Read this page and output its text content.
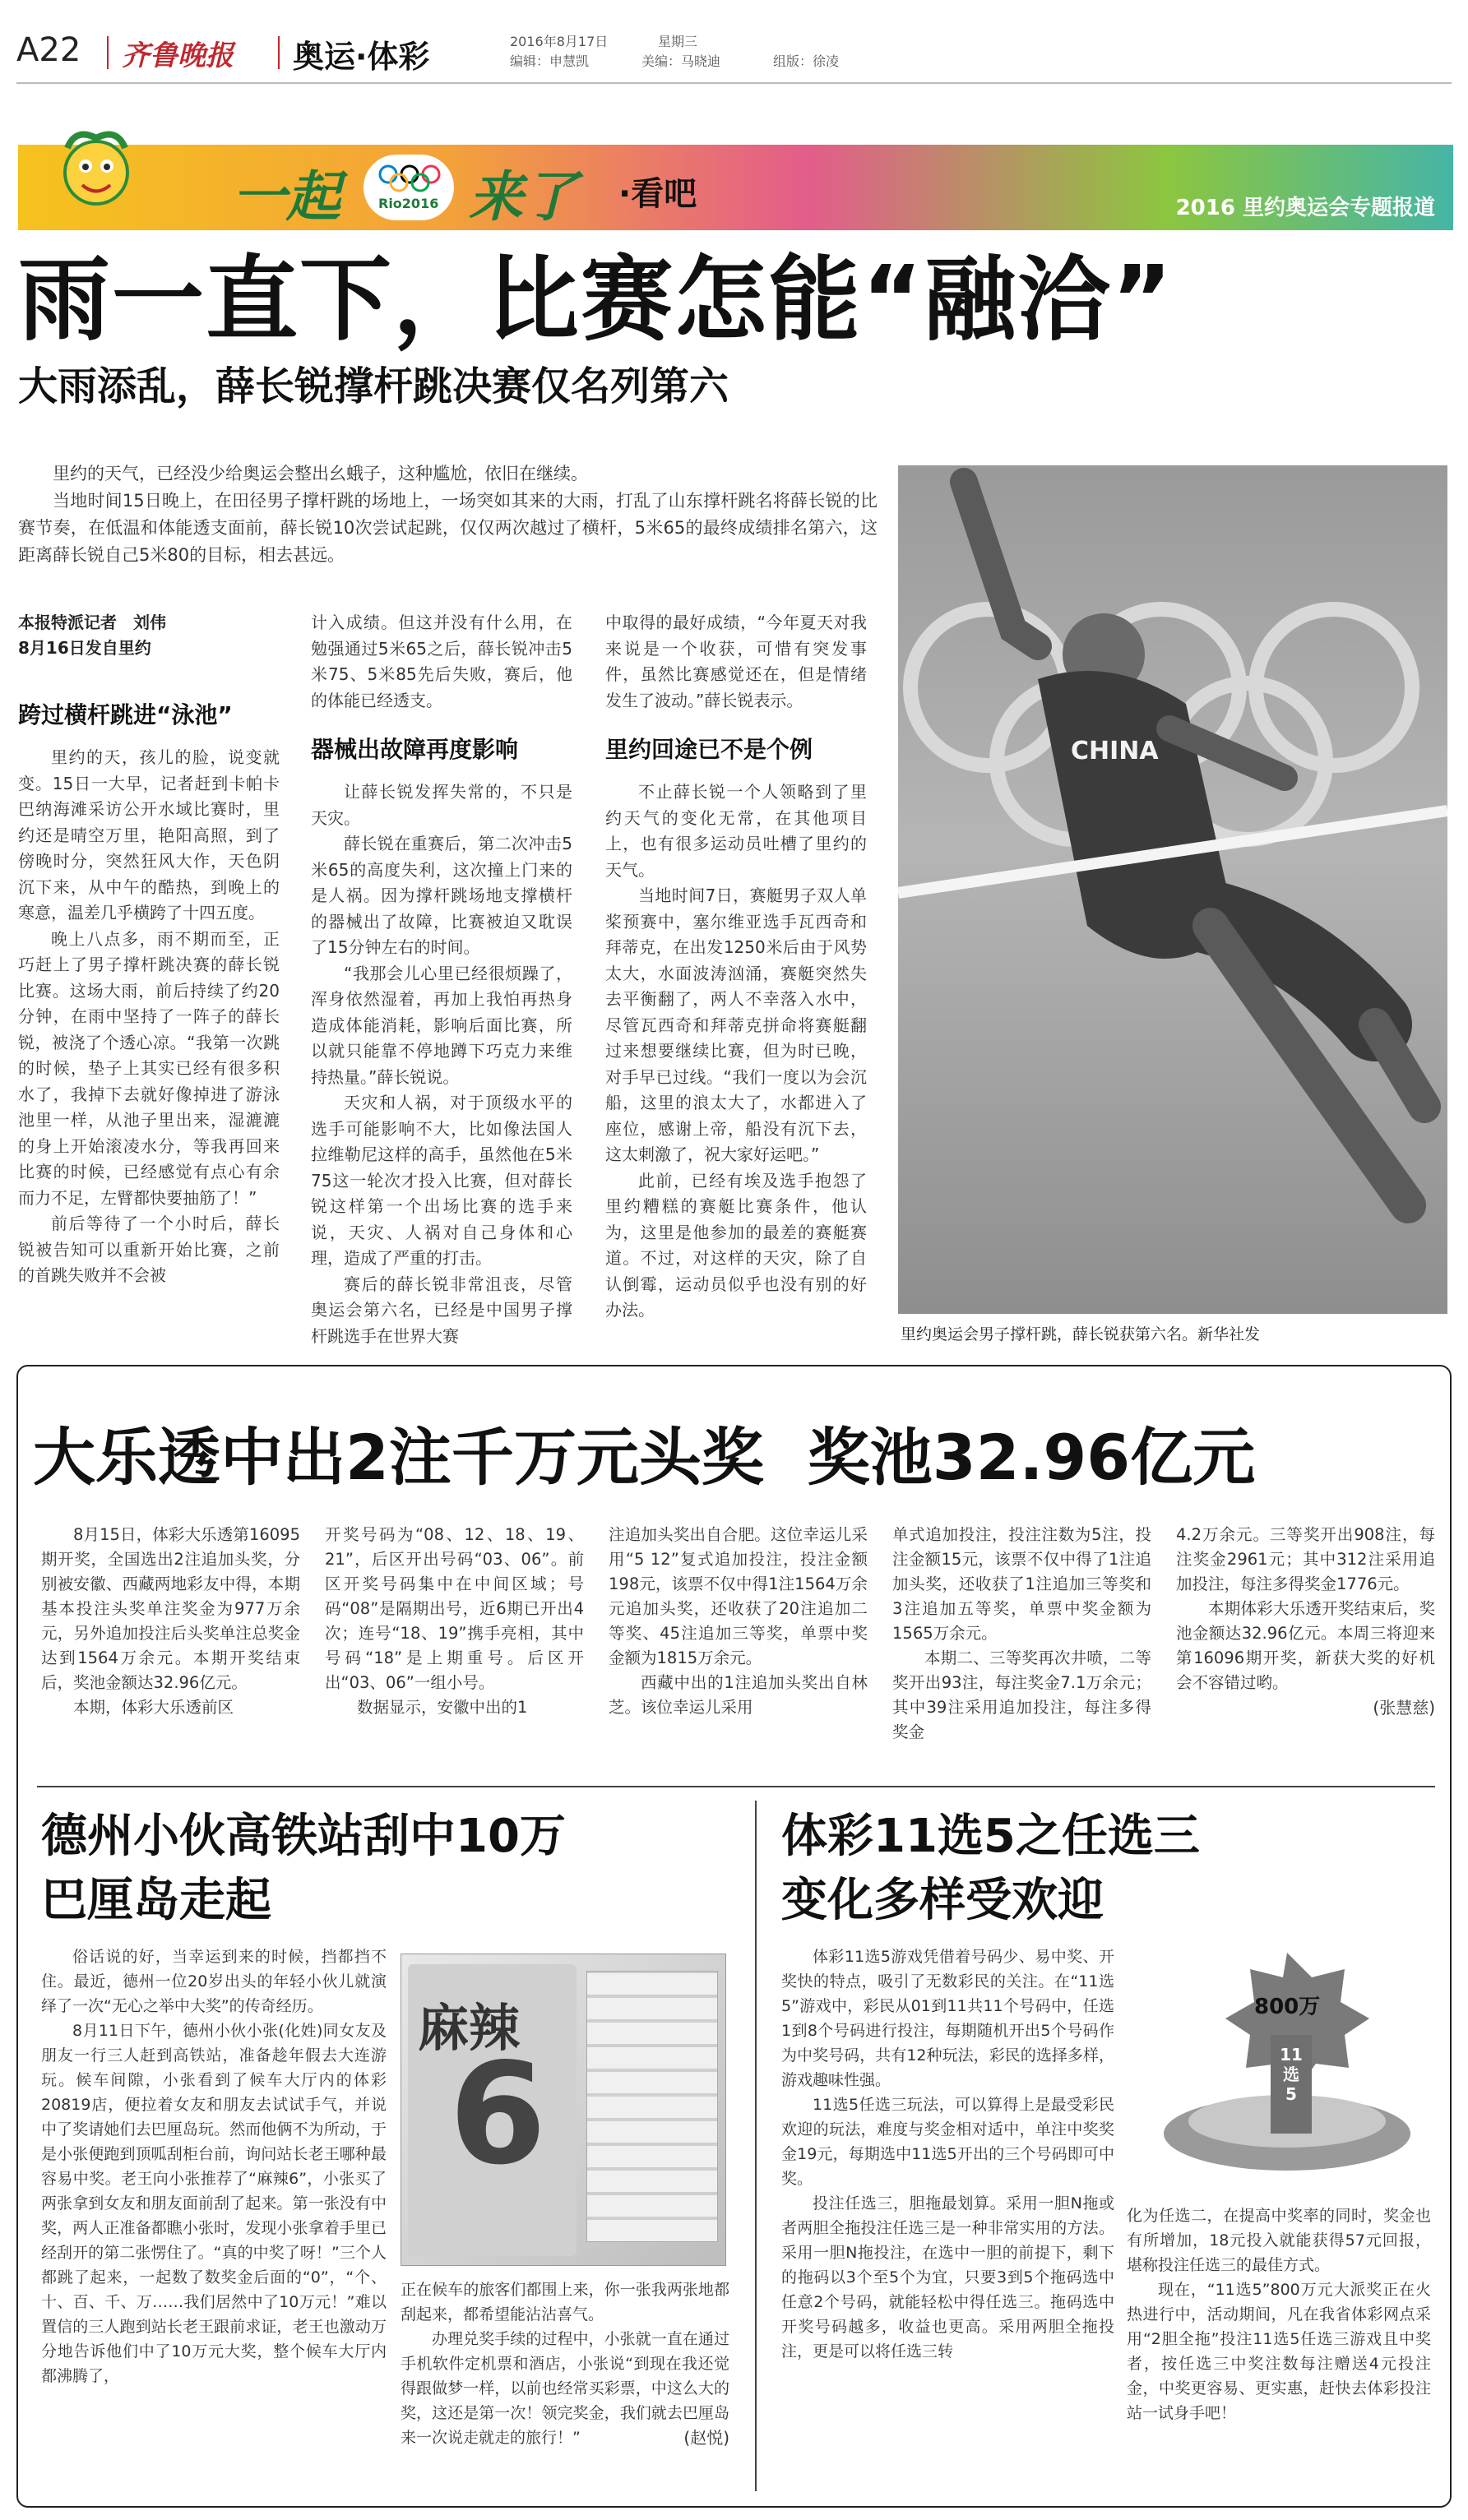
A22 齐鲁晚报 奥运·体彩	2016年8月17日	星期三
编辑：申慧凯	美编：马晓迪	组版：徐凌
一起	Rio2016 来了 ·看吧	2016 里约奥运会专题报道
雨一直下，比赛怎能“融洽”
大雨添乱，薛长锐撑杆跳决赛仅名列第六

里约的天气，已经没少给奥运会整出幺蛾子，这种尴尬，依旧在继续。

当地时间15日晚上，在田径男子撑杆跳的场地上，一场突如其来的大雨，打乱了山东撑杆跳名将薛长锐的比赛节奏，在低温和体能透支面前，薛长锐10次尝试起跳，仅仅两次越过了横杆，5米65的最终成绩排名第六，这距离薛长锐自己5米80的目标，相去甚远。

本报特派记者　刘伟
8月16日发自里约
跨过横杆跳进“泳池”

里约的天，孩儿的脸，说变就变。15日一大早，记者赶到卡帕卡巴纳海滩采访公开水域比赛时，里约还是晴空万里，艳阳高照，到了傍晚时分，突然狂风大作，天色阴沉下来，从中午的酷热，到晚上的寒意，温差几乎横跨了十四五度。

晚上八点多，雨不期而至，正巧赶上了男子撑杆跳决赛的薛长锐比赛。这场大雨，前后持续了约20分钟，在雨中坚持了一阵子的薛长锐，被浇了个透心凉。“我第一次跳的时候，垫子上其实已经有很多积水了，我掉下去就好像掉进了游泳池里一样，从池子里出来，湿漉漉的身上开始滚凌水分，等我再回来比赛的时候，已经感觉有点心有余而力不足，左臂都快要抽筋了！”

前后等待了一个小时后，薛长锐被告知可以重新开始比赛，之前的首跳失败并不会被

计入成绩。但这并没有什么用，在勉强通过5米65之后，薛长锐冲击5米75、5米85先后失败，赛后，他的体能已经透支。

器械出故障再度影响

让薛长锐发挥失常的，不只是天灾。

薛长锐在重赛后，第二次冲击5米65的高度失利，这次撞上门来的是人祸。因为撑杆跳场地支撑横杆的器械出了故障，比赛被迫又耽误了15分钟左右的时间。

“我那会儿心里已经很烦躁了，浑身依然湿着，再加上我怕再热身造成体能消耗，影响后面比赛，所以就只能靠不停地蹲下巧克力来维持热量。”薛长锐说。

天灾和人祸，对于顶级水平的选手可能影响不大，比如像法国人拉维勒尼这样的高手，虽然他在5米75这一轮次才投入比赛，但对薛长锐这样第一个出场比赛的选手来说，天灾、人祸对自己身体和心理，造成了严重的打击。

赛后的薛长锐非常沮丧，尽管奥运会第六名，已经是中国男子撑杆跳选手在世界大赛

中取得的最好成绩，“今年夏天对我来说是一个收获，可惜有突发事件，虽然比赛感觉还在，但是情绪发生了波动。”薛长锐表示。

里约回途已不是个例

不止薛长锐一个人领略到了里约天气的变化无常，在其他项目上，也有很多运动员吐槽了里约的天气。

当地时间7日，赛艇男子双人单桨预赛中，塞尔维亚选手瓦西奇和拜蒂克，在出发1250米后由于风势太大，水面波涛汹涌，赛艇突然失去平衡翻了，两人不幸落入水中，尽管瓦西奇和拜蒂克拼命将赛艇翻过来想要继续比赛，但为时已晚，对手早已过线。“我们一度以为会沉船，这里的浪太大了，水都进入了座位，感谢上帝，船没有沉下去，这太刺激了，祝大家好运吧。”

此前，已经有埃及选手抱怨了里约糟糕的赛艇比赛条件，他认为，这里是他参加的最差的赛艇赛道。不过，对这样的天灾，除了自认倒霉，运动员似乎也没有别的好办法。

CHINA
里约奥运会男子撑杆跳，薛长锐获第六名。新华社发
大乐透中出2注千万元头奖  奖池32.96亿元

8月15日，体彩大乐透第16095期开奖，全国选出2注追加头奖，分别被安徽、西藏两地彩友中得，本期基本投注头奖单注奖金为977万余元，另外追加投注后头奖单注总奖金达到1564万余元。本期开奖结束后，奖池金额达32.96亿元。

本期，体彩大乐透前区

开奖号码为“08、12、18、19、21”，后区开出号码“03、06”。前区开奖号码集中在中间区域；号码“08”是隔期出号，近6期已开出4次；连号“18、19”携手亮相，其中号码“18”是上期重号。后区开出“03、06”一组小号。

数据显示，安徽中出的1

注追加头奖出自合肥。这位幸运儿采用“5 12”复式追加投注，投注金额198元，该票不仅中得1注1564万余元追加头奖，还收获了20注追加二等奖、45注追加三等奖，单票中奖金额为1815万余元。

西藏中出的1注追加头奖出自林芝。该位幸运儿采用

单式追加投注，投注注数为5注，投注金额15元，该票不仅中得了1注追加头奖，还收获了1注追加三等奖和3注追加五等奖，单票中奖金额为1565万余元。

本期二、三等奖再次井喷，二等奖开出93注，每注奖金7.1万余元；其中39注采用追加投注，每注多得奖金

4.2万余元。三等奖开出908注，每注奖金2961元；其中312注采用追加投注，每注多得奖金1776元。

本期体彩大乐透开奖结束后，奖池金额达32.96亿元。本周三将迎来第16096期开奖，新获大奖的好机会不容错过哟。

(张慧慈)
德州小伙高铁站刮中10万
巴厘岛走起

俗话说的好，当幸运到来的时候，挡都挡不住。最近，德州一位20岁出头的年轻小伙儿就演绎了一次“无心之举中大奖”的传奇经历。

8月11日下午，德州小伙小张(化姓)同女友及朋友一行三人赶到高铁站，准备趁年假去大连游玩。候车间隙，小张看到了候车大厅内的体彩20819店，便拉着女友和朋友去试试手气，并说中了奖请她们去巴厘岛玩。然而他俩不为所动，于是小张便跑到顶呱刮柜台前，询问站长老王哪种最容易中奖。老王向小张推荐了“麻辣6”，小张买了两张拿到女友和朋友面前刮了起来。第一张没有中奖，两人正准备都瞧小张时，发现小张拿着手里已经刮开的第二张愣住了。“真的中奖了呀！”三个人都跳了起来，一起数了数奖金后面的“0”，“个、十、百、千、万……我们居然中了10万元！”难以置信的三人跑到站长老王跟前求证，老王也激动万分地告诉他们中了10万元大奖，整个候车大厅内都沸腾了，

麻辣
6

正在候车的旅客们都围上来，你一张我两张地都刮起来，都希望能沾沾喜气。

办理兑奖手续的过程中，小张就一直在通过手机软件定机票和酒店，小张说“到现在我还觉得跟做梦一样，以前也经常买彩票，中这么大的奖，这还是第一次！领完奖金，我们就去巴厘岛来一次说走就走的旅行！”	(赵悦)
体彩11选5之任选三
变化多样受欢迎

体彩11选5游戏凭借着号码少、易中奖、开奖快的特点，吸引了无数彩民的关注。在“11选5”游戏中，彩民从01到11共11个号码中，任选1到8个号码进行投注，每期随机开出5个号码作为中奖号码，共有12种玩法，彩民的选择多样，游戏趣味性强。

11选5任选三玩法，可以算得上是最受彩民欢迎的玩法，难度与奖金相对适中，单注中奖奖金19元，每期选中11选5开出的三个号码即可中奖。

投注任选三，胆拖最划算。采用一胆N拖或者两胆全拖投注任选三是一种非常实用的方法。采用一胆N拖投注，在选中一胆的前提下，剩下的拖码以3个至5个为宜，只要3到5个拖码选中任意2个号码，就能轻松中得任选三。拖码选中开奖号码越多，收益也更高。采用两胆全拖投注，更是可以将任选三转

800万
11
选
5

化为任选二，在提高中奖率的同时，奖金也有所增加，18元投入就能获得57元回报，堪称投注任选三的最佳方式。

现在，“11选5”800万元大派奖正在火热进行中，活动期间，凡在我省体彩网点采用“2胆全拖”投注11选5任选三游戏且中奖者，按任选三中奖注数每注赠送4元投注金，中奖更容易、更实惠，赶快去体彩投注站一试身手吧！
